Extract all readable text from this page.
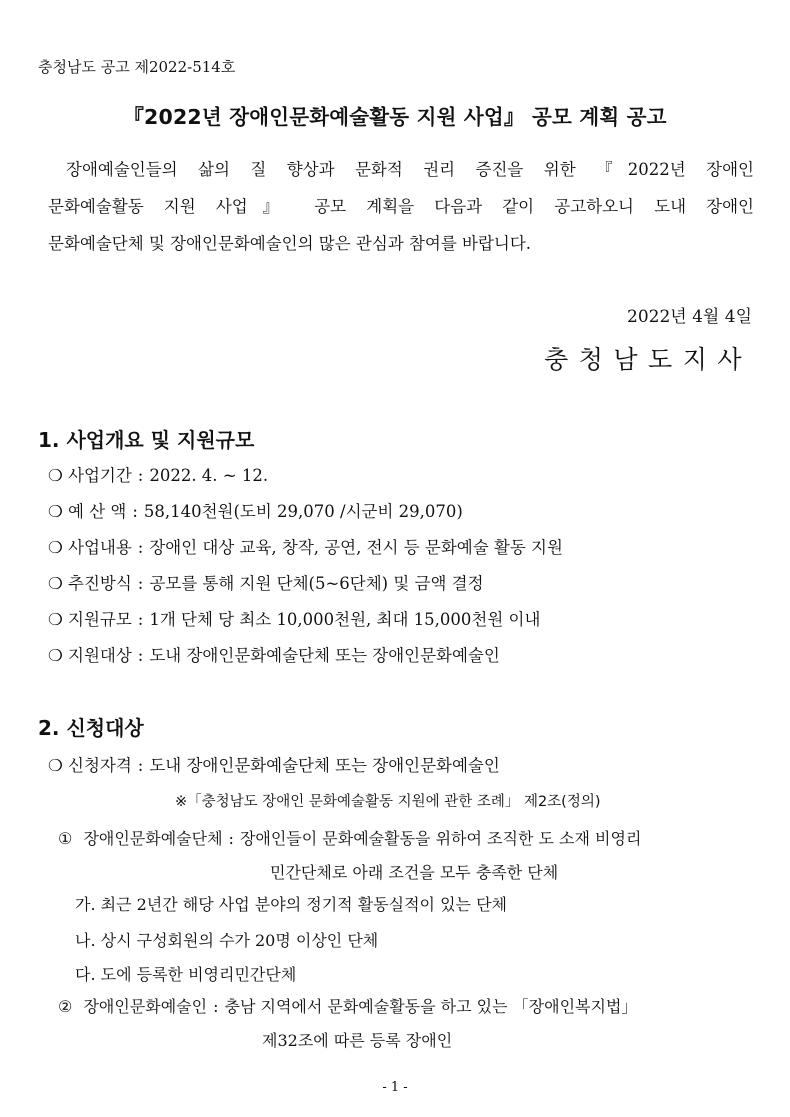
충청남도 공고 제2022-514호
『2022년 장애인문화예술활동 지원 사업』 공모 계획 공고
장애예술인들의 삶의 질 향상과 문화적 권리 증진을 위한 『2022년 장애인
문화예술활동 지원 사업』 공모 계획을 다음과 같이 공고하오니 도내 장애인
문화예술단체 및 장애인문화예술인의 많은 관심과 참여를 바랍니다.
2022년 4월 4일
충청남도지사
1. 사업개요 및 지원규모
❍ 사업기간 : 2022. 4. ~ 12.
❍ 예 산 액 : 58,140천원(도비 29,070 /시군비 29,070)
❍ 사업내용 : 장애인 대상 교육, 창작, 공연, 전시 등 문화예술 활동 지원
❍ 추진방식 : 공모를 통해 지원 단체(5~6단체) 및 금액 결정
❍ 지원규모 : 1개 단체 당 최소 10,000천원, 최대 15,000천원 이내
❍ 지원대상 : 도내 장애인문화예술단체 또는 장애인문화예술인
2. 신청대상
❍ 신청자격 : 도내 장애인문화예술단체 또는 장애인문화예술인
※「충청남도 장애인 문화예술활동 지원에 관한 조례」 제2조(정의)
① 장애인문화예술단체 : 장애인들이 문화예술활동을 위하여 조직한 도 소재 비영리
민간단체로 아래 조건을 모두 충족한 단체
가. 최근 2년간 해당 사업 분야의 정기적 활동실적이 있는 단체
나. 상시 구성회원의 수가 20명 이상인 단체
다. 도에 등록한 비영리민간단체
② 장애인문화예술인 : 충남 지역에서 문화예술활동을 하고 있는 「장애인복지법」
제32조에 따른 등록 장애인
- 1 -
